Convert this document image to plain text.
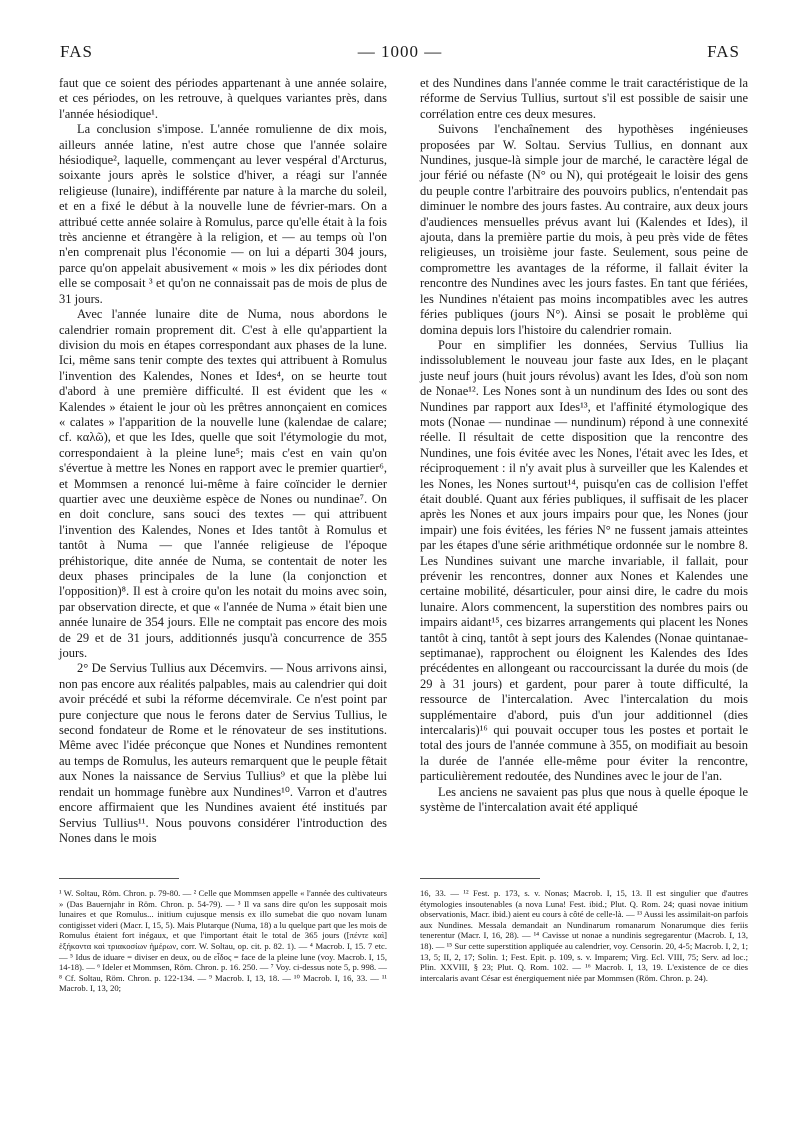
FAS	— 1000 —	FAS

faut que ce soient des périodes appartenant à une année solaire, et ces périodes, on les retrouve, à quelques variantes près, dans l'année hésiodique¹.

La conclusion s'impose. L'année romulienne de dix mois, ailleurs année latine, n'est autre chose que l'année solaire hésiodique², laquelle, commençant au lever vespéral d'Arcturus, soixante jours après le solstice d'hiver, a réagi sur l'année religieuse (lunaire), indifférente par nature à la marche du soleil, et en a fixé le début à la nouvelle lune de février-mars. On a attribué cette année solaire à Romulus, parce qu'elle était à la fois très ancienne et étrangère à la religion, et — au temps où l'on n'en comprenait plus l'économie — on lui a départi 304 jours, parce qu'on appelait abusivement « mois » les dix périodes dont elle se composait ³ et qu'on ne connaissait pas de mois de plus de 31 jours.

Avec l'année lunaire dite de Numa, nous abordons le calendrier romain proprement dit. C'est à elle qu'appartient la division du mois en étapes correspondant aux phases de la lune. Ici, même sans tenir compte des textes qui attribuent à Romulus l'invention des Kalendes, Nones et Ides⁴, on se heurte tout d'abord à une première difficulté. Il est évident que les « Kalendes » étaient le jour où les prêtres annonçaient en comices « calates » l'apparition de la nouvelle lune (kalendae de calare; cf. καλῶ), et que les Ides, quelle que soit l'étymologie du mot, correspondaient à la pleine lune⁵; mais c'est en vain qu'on s'évertue à mettre les Nones en rapport avec le premier quartier⁶, et Mommsen a renoncé lui-même à faire coïncider le dernier quartier avec une deuxième espèce de Nones ou nundinae⁷. On en doit conclure, sans souci des textes — qui attribuent l'invention des Kalendes, Nones et Ides tantôt à Romulus et tantôt à Numa — que l'année religieuse de l'époque préhistorique, dite année de Numa, se contentait de noter les deux phases principales de la lune (la conjonction et l'opposition)⁸. Il est à croire qu'on les notait du moins avec soin, par observation directe, et que « l'année de Numa » était bien une année lunaire de 354 jours. Elle ne comptait pas encore des mois de 29 et de 31 jours, additionnés jusqu'à concurrence de 355 jours.

2° De Servius Tullius aux Décemvirs. — Nous arrivons ainsi, non pas encore aux réalités palpables, mais au calendrier qui doit avoir précédé et subi la réforme décemvirale. Ce n'est point par pure conjecture que nous le ferons dater de Servius Tullius, le second fondateur de Rome et le rénovateur de ses institutions. Même avec l'idée préconçue que Nones et Nundines remontent au temps de Romulus, les auteurs remarquent que le peuple fêtait aux Nones la naissance de Servius Tullius⁹ et que la plèbe lui rendait un hommage funèbre aux Nundines¹⁰. Varron et d'autres encore affirmaient que les Nundines avaient été institués par Servius Tullius¹¹. Nous pouvons considérer l'introduction des Nones dans le mois

et des Nundines dans l'année comme le trait caractéristique de la réforme de Servius Tullius, surtout s'il est possible de saisir une corrélation entre ces deux mesures.

Suivons l'enchaînement des hypothèses ingénieuses proposées par W. Soltau. Servius Tullius, en donnant aux Nundines, jusque-là simple jour de marché, le caractère légal de jour férié ou néfaste (N° ou N), qui protégeait le loisir des gens du peuple contre l'arbitraire des pouvoirs publics, n'entendait pas diminuer le nombre des jours fastes. Au contraire, aux deux jours d'audiences mensuelles prévus avant lui (Kalendes et Ides), il ajouta, dans la première partie du mois, à peu près vide de fêtes religieuses, un troisième jour faste. Seulement, sous peine de compromettre les avantages de la réforme, il fallait éviter la rencontre des Nundines avec les jours fastes. En tant que fériées, les Nundines n'étaient pas moins incompatibles avec les autres féries publiques (jours N°). Ainsi se posait le problème qui domina depuis lors l'histoire du calendrier romain.

Pour en simplifier les données, Servius Tullius lia indissolublement le nouveau jour faste aux Ides, en le plaçant juste neuf jours (huit jours révolus) avant les Ides, d'où son nom de Nonae¹². Les Nones sont à un nundinum des Ides ou sont des Nundines par rapport aux Ides¹³, et l'affinité étymologique des mots (Nonae — nundinae — nundinum) répond à une connexité réelle. Il résultait de cette disposition que la rencontre des Nundines, une fois évitée avec les Nones, l'était avec les Ides, et réciproquement : il n'y avait plus à surveiller que les Kalendes et les Nones, les Nones surtout¹⁴, puisqu'en cas de collision l'effet était doublé. Quant aux féries publiques, il suffisait de les placer après les Nones et aux jours impairs pour que, les Nones (jour impair) une fois évitées, les féries N° ne fussent jamais atteintes par les étapes d'une série arithmétique ordonnée sur le nombre 8. Les Nundines suivant une marche invariable, il fallait, pour prévenir les rencontres, donner aux Nones et Kalendes une certaine mobilité, désarticuler, pour ainsi dire, le cadre du mois lunaire. Alors commencent, la superstition des nombres pairs ou impairs aidant¹⁵, ces bizarres arrangements qui placent les Nones tantôt à cinq, tantôt à sept jours des Kalendes (Nonae quintanae-septimanae), rapprochent ou éloignent les Kalendes des Ides précédentes en allongeant ou raccourcissant la durée du mois (de 29 à 31 jours) et gardent, pour parer à toute difficulté, la ressource de l'intercalation. Avec l'intercalation du mois supplémentaire d'abord, puis d'un jour additionnel (dies intercalaris)¹⁶ qui pouvait occuper tous les postes et portait le total des jours de l'année commune à 355, on modifiait au besoin la durée de l'année elle-même pour éviter la rencontre, particulièrement redoutée, des Nundines avec le jour de l'an.

Les anciens ne savaient pas plus que nous à quelle époque le système de l'intercalation avait été appliqué

¹ W. Soltau, Röm. Chron. p. 79-80. — ² Celle que Mommsen appelle « l'année des cultivateurs » (Das Bauernjahr in Röm. Chron. p. 54-79). — ³ Il va sans dire qu'on les supposait mois lunaires et que Romulus... initium cujusque mensis ex illo sumebat die quo novam lunam contigisset videri (Macr. I, 15, 5). Mais Plutarque (Numa, 18) a lu quelque part que les mois de Romulus étaient fort inégaux, et que l'important était le total de 365 jours ([πέντε καὶ] ἑξήκοντα καὶ τριακοσίων ἡμέρων, corr. W. Soltau, op. cit. p. 82. 1). — ⁴ Macrob. I, 15. 7 etc. — ⁵ Idus de iduare = diviser en deux, ou de εἶδος = face de la pleine lune (voy. Macrob. I, 15, 14-18). — ⁶ Ideler et Mommsen, Röm. Chron. p. 16. 250. — ⁷ Voy. ci-dessus note 5, p. 998. — ⁸ Cf. Soltau, Röm. Chron. p. 122-134. — ⁹ Macrob. I, 13, 18. — ¹⁰ Macrob. I, 16, 33. — ¹¹ Macrob. I, 13, 20;
16, 33. — ¹² Fest. p. 173, s. v. Nonas; Macrob. I, 15, 13. Il est singulier que d'autres étymologies insoutenables (a nova Luna! Fest. ibid.; Plut. Q. Rom. 24; quasi novae initium observationis, Macr. ibid.) aient eu cours à côté de celle-là. — ¹³ Aussi les assimilait-on parfois aux Nundines. Messala demandait an Nundinarum romanarum Nonarumque dies feriis tenerentur (Macr. I, 16, 28). — ¹⁴ Cavisse ut nonae a nundinis segregarentur (Macrob. I, 13, 18). — ¹⁵ Sur cette superstition appliquée au calendrier, voy. Censorin. 20, 4-5; Macrob. I, 2, 1; 13, 5; II, 2, 17; Solin. 1; Fest. Epit. p. 109, s. v. Imparem; Virg. Ecl. VIII, 75; Serv. ad loc.; Plin. XXVIII, § 23; Plut. Q. Rom. 102. — ¹⁶ Macrob. I, 13, 19. L'existence de ce dies intercalaris avant César est énergiquement niée par Mommsen (Röm. Chron. p. 24).
